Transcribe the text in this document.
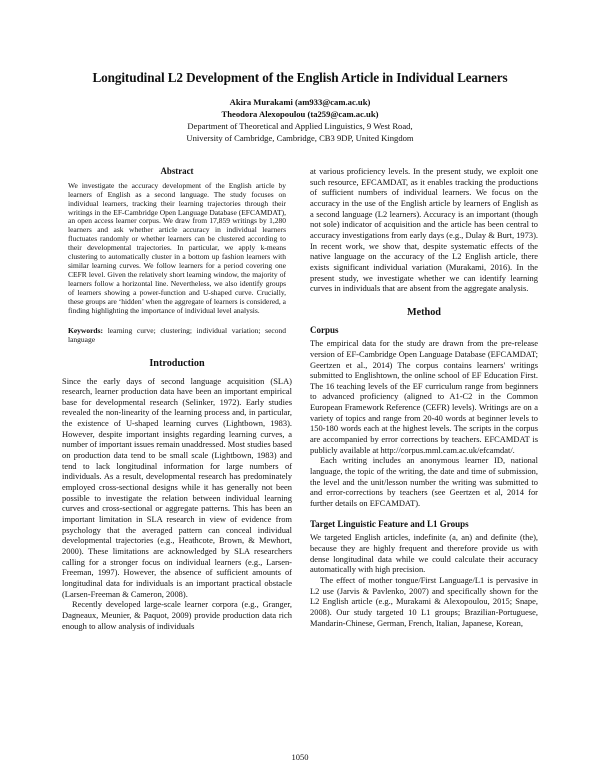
Longitudinal L2 Development of the English Article in Individual Learners
Akira Murakami (am933@cam.ac.uk)
Theodora Alexopoulou (ta259@cam.ac.uk)
Department of Theoretical and Applied Linguistics, 9 West Road,
University of Cambridge, Cambridge, CB3 9DP, United Kingdom
Abstract

We investigate the accuracy development of the English article by learners of English as a second language. The study focuses on individual learners, tracking their learning trajectories through their writings in the EF-Cambridge Open Language Database (EFCAMDAT), an open access learner corpus. We draw from 17,859 writings by 1,280 learners and ask whether article accuracy in individual learners fluctuates randomly or whether learners can be clustered according to their developmental trajectories. In particular, we apply k-means clustering to automatically cluster in a bottom up fashion learners with similar learning curves. We follow learners for a period covering one CEFR level. Given the relatively short learning window, the majority of learners follow a horizontal line. Nevertheless, we also identify groups of learners showing a power-function and U-shaped curve. Crucially, these groups are ‘hidden’ when the aggregate of learners is considered, a finding highlighting the importance of individual level analysis.

Keywords: learning curve; clustering; individual variation; second language
Introduction

Since the early days of second language acquisition (SLA) research, learner production data have been an important empirical base for developmental research (Selinker, 1972). Early studies revealed the non-linearity of the learning process and, in particular, the existence of U-shaped learning curves (Lightbown, 1983). However, despite important insights regarding learning curves, a number of important issues remain unaddressed. Most studies based on production data tend to be small scale (Lightbown, 1983) and tend to lack longitudinal information for large numbers of individuals. As a result, developmental research has predominately employed cross-sectional designs while it has generally not been possible to investigate the relation between individual learning curves and cross-sectional or aggregate patterns. This has been an important limitation in SLA research in view of evidence from psychology that the averaged pattern can conceal individual developmental trajectories (e.g., Heathcote, Brown, & Mewhort, 2000). These limitations are acknowledged by SLA researchers calling for a stronger focus on individual learners (e.g., Larsen-Freeman, 1997). However, the absence of sufficient amounts of longitudinal data for individuals is an important practical obstacle (Larsen-Freeman & Cameron, 2008).

Recently developed large-scale learner corpora (e.g., Granger, Dagneaux, Meunier, & Paquot, 2009) provide production data rich enough to allow analysis of individuals

at various proficiency levels. In the present study, we exploit one such resource, EFCAMDAT, as it enables tracking the productions of sufficient numbers of individual learners. We focus on the accuracy in the use of the English article by learners of English as a second language (L2 learners). Accuracy is an important (though not sole) indicator of acquisition and the article has been central to accuracy investigations from early days (e.g., Dulay & Burt, 1973). In recent work, we show that, despite systematic effects of the native language on the accuracy of the L2 English article, there exists significant individual variation (Murakami, 2016). In the present study, we investigate whether we can identify learning curves in individuals that are absent from the aggregate analysis.

Method
Corpus

The empirical data for the study are drawn from the pre-release version of EF-Cambridge Open Language Database (EFCAMDAT; Geertzen et al., 2014) The corpus contains learners' writings submitted to Englishtown, the online school of EF Education First. The 16 teaching levels of the EF curriculum range from beginners to advanced proficiency (aligned to A1-C2 in the Common European Framework Reference (CEFR) levels). Writings are on a variety of topics and range from 20-40 words at beginner levels to 150-180 words each at the highest levels. The scripts in the corpus are accompanied by error corrections by teachers. EFCAMDAT is publicly available at http://corpus.mml.cam.ac.uk/efcamdat/.

Each writing includes an anonymous learner ID, national language, the topic of the writing, the date and time of submission, the level and the unit/lesson number the writing was submitted to and error-corrections by teachers (see Geertzen et al, 2014 for further details on EFCAMDAT).

Target Linguistic Feature and L1 Groups

We targeted English articles, indefinite (a, an) and definite (the), because they are highly frequent and therefore provide us with dense longitudinal data while we could calculate their accuracy automatically with high precision.

The effect of mother tongue/First Language/L1 is pervasive in L2 use (Jarvis & Pavlenko, 2007) and specifically shown for the L2 English article (e.g., Murakami & Alexopoulou, 2015; Snape, 2008). Our study targeted 10 L1 groups; Brazilian-Portuguese, Mandarin-Chinese, German, French, Italian, Japanese, Korean,

1050
